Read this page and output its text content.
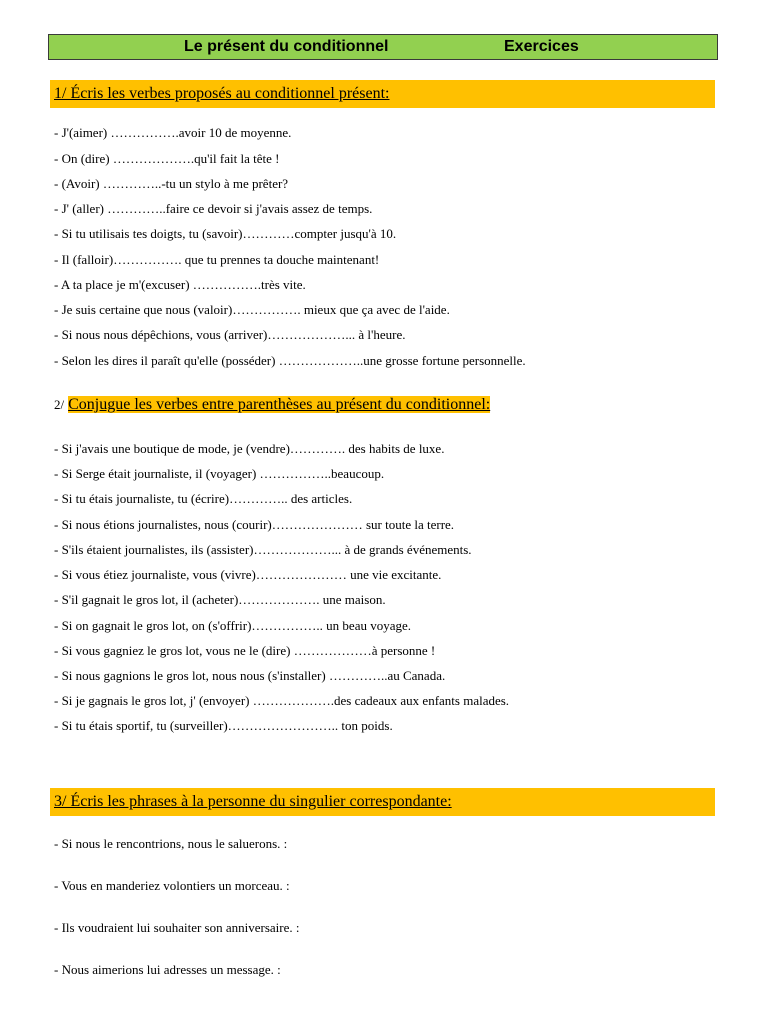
Le présent du conditionnel	Exercices
1/ Écris les verbes proposés au conditionnel présent:
- J'(aimer) …………….avoir 10 de moyenne.
- On (dire) ……………….qu'il fait la tête !
- (Avoir) …………..-tu un stylo à me prêter?
- J' (aller) …………..faire ce devoir si j'avais assez de temps.
- Si tu utilisais tes doigts, tu (savoir)…………compter jusqu'à 10.
- Il (falloir)……………. que tu prennes ta douche maintenant!
- A ta place je m'(excuser) …………….très vite.
- Je suis certaine que nous (valoir)……………. mieux que ça avec de l'aide.
- Si nous nous dépêchions, vous (arriver)………………... à l'heure.
- Selon les dires il paraît qu'elle (posséder) ………………..une grosse fortune personnelle.
2/ Conjugue les verbes entre parenthèses au présent du conditionnel:
- Si j'avais une boutique de mode, je (vendre)…………. des habits de luxe.
- Si Serge était journaliste, il (voyager) ……………..beaucoup.
- Si tu étais journaliste, tu (écrire)………….. des articles.
- Si nous étions journalistes, nous (courir)………………… sur toute la terre.
- S'ils étaient journalistes, ils (assister)………………... à de grands événements.
- Si vous étiez journaliste, vous (vivre)………………… une vie excitante.
- S'il gagnait le gros lot, il (acheter)………………. une maison.
- Si on gagnait le gros lot, on (s'offrir)…………….. un beau voyage.
- Si vous gagniez le gros lot, vous ne le (dire) ………………à personne !
- Si nous gagnions le gros lot, nous nous (s'installer) …………..au Canada.
- Si je gagnais le gros lot, j' (envoyer) ……………….des cadeaux aux enfants malades.
- Si tu étais sportif, tu (surveiller)…………………….. ton poids.
3/ Écris les phrases à la personne du singulier correspondante:
- Si nous le rencontrions, nous le saluerons. :
- Vous en manderiez volontiers un morceau. :
- Ils voudraient lui souhaiter son anniversaire. :
- Nous aimerions lui adresses un message. :
